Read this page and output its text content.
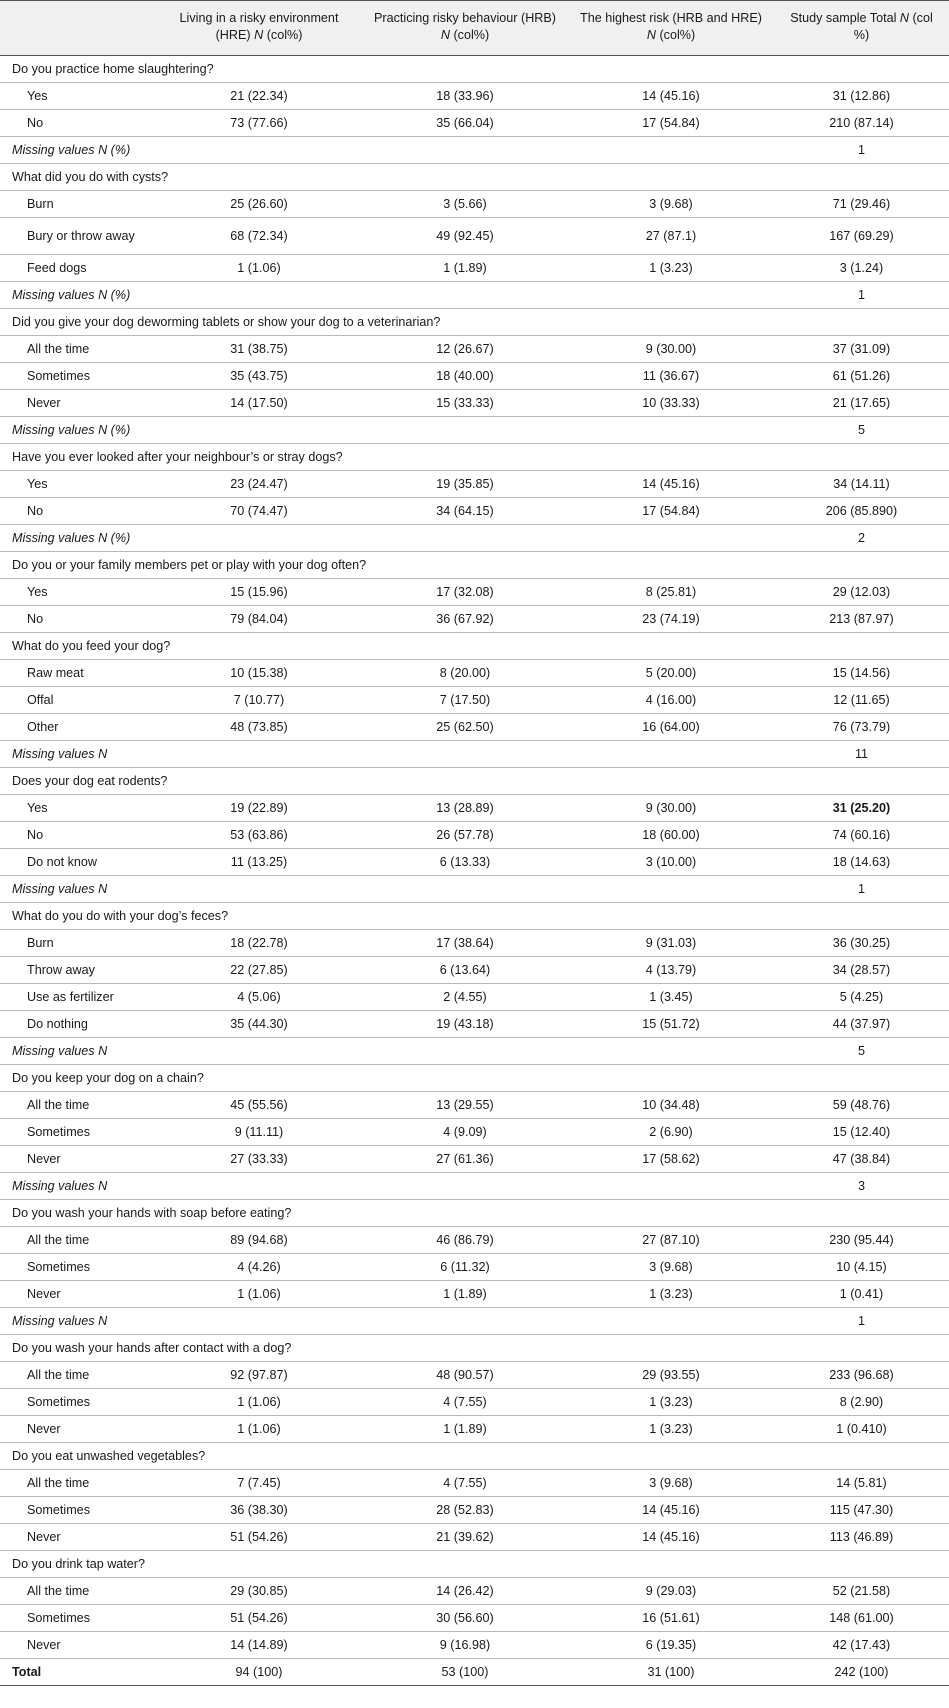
	Living in a risky environment (HRE) N (col%)	Practicing risky behaviour (HRB) N (col%)	The highest risk (HRB and HRE) N (col%)	Study sample Total N (col %)
Do you practice home slaughtering?				
Yes	21 (22.34)	18 (33.96)	14 (45.16)	31 (12.86)
No	73 (77.66)	35 (66.04)	17 (54.84)	210 (87.14)
Missing values N (%)				1
What did you do with cysts?				
Burn	25 (26.60)	3 (5.66)	3 (9.68)	71 (29.46)
Bury or throw away	68 (72.34)	49 (92.45)	27 (87.1)	167 (69.29)
Feed dogs	1 (1.06)	1 (1.89)	1 (3.23)	3 (1.24)
Missing values N (%)				1
Did you give your dog deworming tablets or show your dog to a veterinarian?				
All the time	31 (38.75)	12 (26.67)	9 (30.00)	37 (31.09)
Sometimes	35 (43.75)	18 (40.00)	11 (36.67)	61 (51.26)
Never	14 (17.50)	15 (33.33)	10 (33.33)	21 (17.65)
Missing values N (%)				5
Have you ever looked after your neighbour’s or stray dogs?				
Yes	23 (24.47)	19 (35.85)	14 (45.16)	34 (14.11)
No	70 (74.47)	34 (64.15)	17 (54.84)	206 (85.890)
Missing values N (%)				2
Do you or your family members pet or play with your dog often?				
Yes	15 (15.96)	17 (32.08)	8 (25.81)	29 (12.03)
No	79 (84.04)	36 (67.92)	23 (74.19)	213 (87.97)
What do you feed your dog?				
Raw meat	10 (15.38)	8 (20.00)	5 (20.00)	15 (14.56)
Offal	7 (10.77)	7 (17.50)	4 (16.00)	12 (11.65)
Other	48 (73.85)	25 (62.50)	16 (64.00)	76 (73.79)
Missing values N				11
Does your dog eat rodents?				
Yes	19 (22.89)	13 (28.89)	9 (30.00)	31 (25.20)
No	53 (63.86)	26 (57.78)	18 (60.00)	74 (60.16)
Do not know	11 (13.25)	6 (13.33)	3 (10.00)	18 (14.63)
Missing values N				1
What do you do with your dog’s feces?				
Burn	18 (22.78)	17 (38.64)	9 (31.03)	36 (30.25)
Throw away	22 (27.85)	6 (13.64)	4 (13.79)	34 (28.57)
Use as fertilizer	4 (5.06)	2 (4.55)	1 (3.45)	5 (4.25)
Do nothing	35 (44.30)	19 (43.18)	15 (51.72)	44 (37.97)
Missing values N				5
Do you keep your dog on a chain?				
All the time	45 (55.56)	13 (29.55)	10 (34.48)	59 (48.76)
Sometimes	9 (11.11)	4 (9.09)	2 (6.90)	15 (12.40)
Never	27 (33.33)	27 (61.36)	17 (58.62)	47 (38.84)
Missing values N				3
Do you wash your hands with soap before eating?				
All the time	89 (94.68)	46 (86.79)	27 (87.10)	230 (95.44)
Sometimes	4 (4.26)	6 (11.32)	3 (9.68)	10 (4.15)
Never	1 (1.06)	1 (1.89)	1 (3.23)	1 (0.41)
Missing values N				1
Do you wash your hands after contact with a dog?				
All the time	92 (97.87)	48 (90.57)	29 (93.55)	233 (96.68)
Sometimes	1 (1.06)	4 (7.55)	1 (3.23)	8 (2.90)
Never	1 (1.06)	1 (1.89)	1 (3.23)	1 (0.410)
Do you eat unwashed vegetables?				
All the time	7 (7.45)	4 (7.55)	3 (9.68)	14 (5.81)
Sometimes	36 (38.30)	28 (52.83)	14 (45.16)	115 (47.30)
Never	51 (54.26)	21 (39.62)	14 (45.16)	113 (46.89)
Do you drink tap water?				
All the time	29 (30.85)	14 (26.42)	9 (29.03)	52 (21.58)
Sometimes	51 (54.26)	30 (56.60)	16 (51.61)	148 (61.00)
Never	14 (14.89)	9 (16.98)	6 (19.35)	42 (17.43)
Total	94 (100)	53 (100)	31 (100)	242 (100)
